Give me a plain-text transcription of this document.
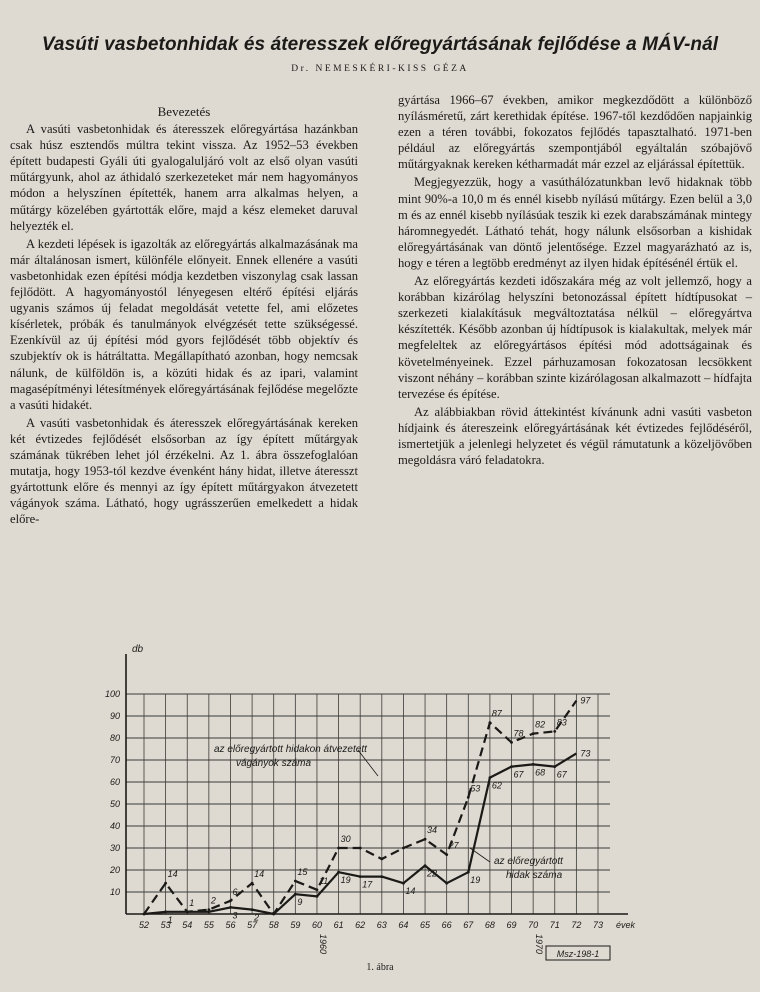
Vasúti vasbetonhidak és áteresszek előregyártásának fejlődése a MÁV-nál
Dr. NEMESKÉRI-KISS GÉZA
Bevezetés

A vasúti vasbetonhidak és áteresszek előregyártása hazánkban csak húsz esztendős múltra tekint vissza. Az 1952–53 években épített budapesti Gyáli úti gyalogaluljáró volt az első olyan vasúti műtárgyunk, ahol az áthidaló szerkezeteket már nem hagyományos módon a helyszínen építették, hanem arra alkalmas helyen, a műtárgy közelében gyártották előre, majd a kész elemeket daruval helyezték el.

A kezdeti lépések is igazolták az előregyártás alkalmazásának ma már általánosan ismert, különféle előnyeit. Ennek ellenére a vasúti vasbetonhidak ezen építési módja kezdetben viszonylag csak lassan fejlődött. A hagyományostól lényegesen eltérő építési eljárás ugyanis számos új feladat megoldását vetette fel, ami előzetes kísérletek, próbák és tanulmányok elvégzését tette szükségessé. Ezenkívül az új építési mód gyors fejlődését több objektív és szubjektív ok is hátráltatta. Megállapítható azonban, hogy nemcsak nálunk, de külföldön is, a közúti hidak és az ipari, valamint magasépítményi létesítmények előregyártásának fejlődése megelőzte a vasúti hidakét.

A vasúti vasbetonhidak és áteresszek előregyártásának kereken két évtizedes fejlődését elsősorban az így épített műtárgyak számának tükrében lehet jól érzékelni. Az 1. ábra összefoglalóan mutatja, hogy 1953-tól kezdve évenként hány hidat, illetve áteresszt gyártottunk előre és mennyi az így épített műtárgyakon átvezetett vágányok száma. Látható, hogy ugrásszerűen emelkedett a hidak előre-

gyártása 1966–67 években, amikor megkezdődött a különböző nyílásméretű, zárt kerethidak építése. 1967-től kezdődően napjainkig ezen a téren további, fokozatos fejlődés tapasztalható. 1971-ben például az előregyártás szempontjából egyáltalán szóbajövő műtárgyaknak kereken kétharmadát már ezzel az eljárással építettük.

Megjegyezzük, hogy a vasúthálózatunkban levő hidaknak több mint 90%-a 10,0 m és ennél kisebb nyílású műtárgy. Ezen belül a 3,0 m és az ennél kisebb nyílásúak teszik ki ezek darabszámának mintegy háromnegyedét. Látható tehát, hogy nálunk elsősorban a kishidak előregyártásának van döntő jelentősége. Ezzel magyarázható az is, hogy e téren a legtöbb eredményt az ilyen hidak építésénél értük el.

Az előregyártás kezdeti időszakára még az volt jellemző, hogy a korábban kizárólag helyszíni betonozással épített hídtípusokat – szerkezeti kialakításuk megváltoztatása nélkül – előregyártva készítették. Később azonban új hídtípusok is kialakultak, melyek már megfeleltek az előregyártásos építési mód adottságainak és követelményeinek. Ezzel párhuzamosan fokozatosan lecsökkent viszont néhány – korábban szinte kizárólagosan alkalmazott – hídfajta tervezése és építése.

Az alábbiakban rövid áttekintést kívánunk adni vasúti vasbeton hídjaink és átereszeink előregyártásának két évtizedes fejlődéséről, ismertetjük a jelenlegi helyzetet és végül rámutatunk a közeljövőben megoldásra váró feladatokra.

10
20
30
40
50
60
70
80
90
100
52 53 54 55 56 57 58 59 60 61 62 63 64 65 66 67 68 69 70 71 72 73
db
évek
1960	1970 Msz-198-1
14
1 2
6
14	15
11
30
34
27
53
87
78
82 83
97
1	3 2
9
19 17
14
22
19
62
67 68 67
73
az előregyártott hidakon átvezetett
vágányok száma
az előregyártott
hidak száma
1. ábra
